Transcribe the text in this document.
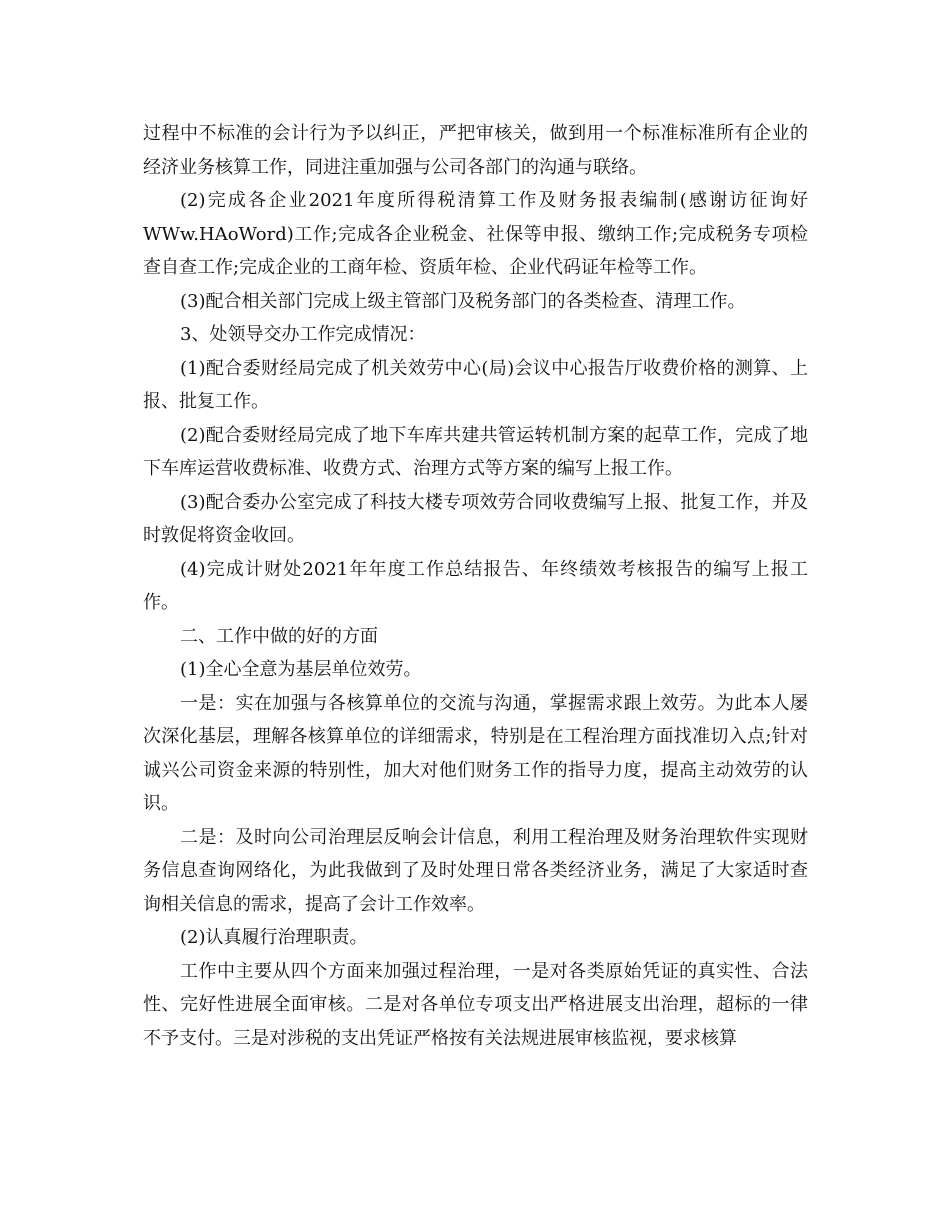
过程中不标准的会计行为予以纠正，严把审核关，做到用一个标准标准所有企业的经济业务核算工作，同进注重加强与公司各部门的沟通与联络。

(2)完成各企业2021年度所得税清算工作及财务报表编制(感谢访征询好WWw.HAoWord)工作;完成各企业税金、社保等申报、缴纳工作;完成税务专项检查自查工作;完成企业的工商年检、资质年检、企业代码证年检等工作。

(3)配合相关部门完成上级主管部门及税务部门的各类检查、清理工作。

3、处领导交办工作完成情况：

(1)配合委财经局完成了机关效劳中心(局)会议中心报告厅收费价格的测算、上报、批复工作。

(2)配合委财经局完成了地下车库共建共管运转机制方案的起草工作，完成了地下车库运营收费标准、收费方式、治理方式等方案的编写上报工作。

(3)配合委办公室完成了科技大楼专项效劳合同收费编写上报、批复工作，并及时敦促将资金收回。

(4)完成计财处2021年年度工作总结报告、年终绩效考核报告的编写上报工作。

二、工作中做的好的方面

(1)全心全意为基层单位效劳。

一是：实在加强与各核算单位的交流与沟通，掌握需求跟上效劳。为此本人屡次深化基层，理解各核算单位的详细需求，特别是在工程治理方面找准切入点;针对诚兴公司资金来源的特别性，加大对他们财务工作的指导力度，提高主动效劳的认识。

二是：及时向公司治理层反响会计信息，利用工程治理及财务治理软件实现财务信息查询网络化，为此我做到了及时处理日常各类经济业务，满足了大家适时查询相关信息的需求，提高了会计工作效率。

(2)认真履行治理职责。

工作中主要从四个方面来加强过程治理，一是对各类原始凭证的真实性、合法性、完好性进展全面审核。二是对各单位专项支出严格进展支出治理，超标的一律不予支付。三是对涉税的支出凭证严格按有关法规进展审核监视，要求核算
